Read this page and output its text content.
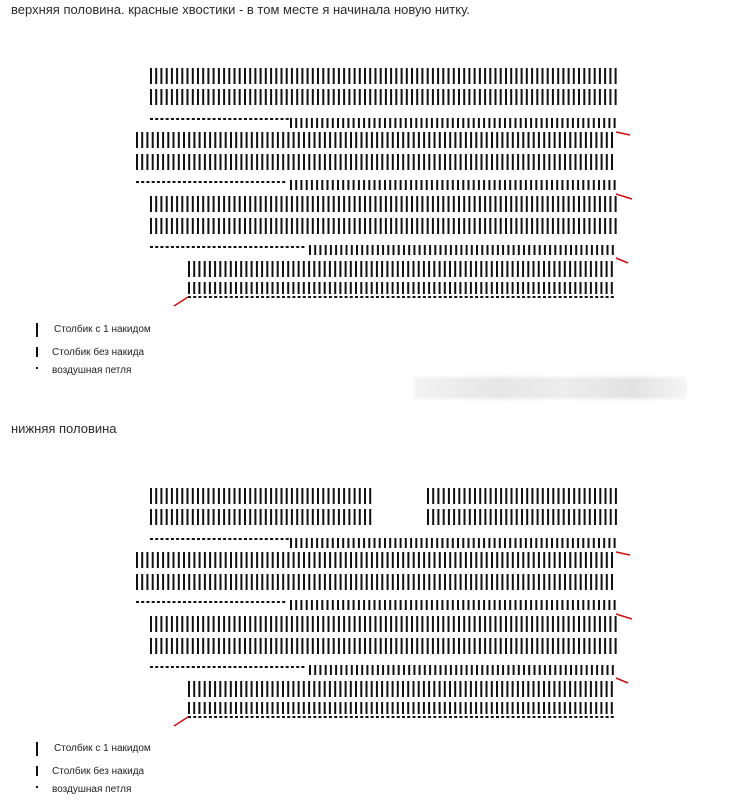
верхняя половина. красные хвостики - в том месте я начинала новую нитку.
Столбик с 1 накидом
Столбик без накида
воздушная петля
нижняя половина
Столбик с 1 накидом
Столбик без накида
воздушная петля
